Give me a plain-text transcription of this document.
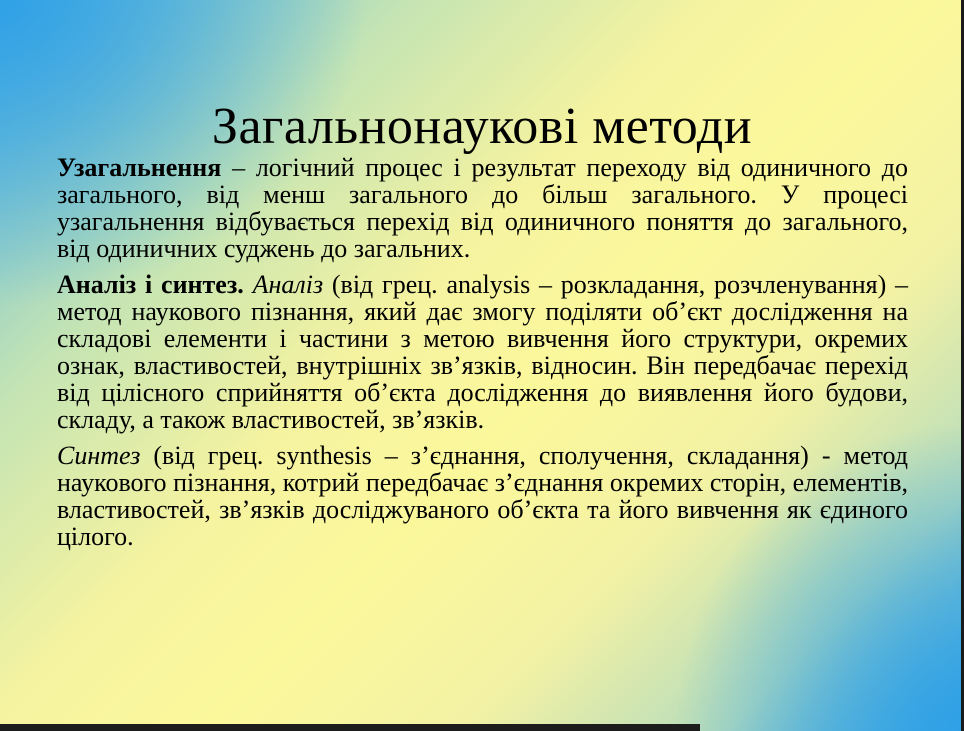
Загальнонаукові методи

Узагальнення – логічний процес і результат переходу від одиничного до загального, від менш загального до більш загального. У процесі узагальнення відбувається перехід від одиничного поняття до загального, від одиничних суджень до загальних.

Аналіз і синтез. Аналіз (від грец. analysis – розкладання, розчленування) – метод наукового пізнання, який дає змогу поділяти об’єкт дослідження на складові елементи і частини з метою вивчення його структури, окремих ознак, властивостей, внутрішніх зв’язків, відносин. Він передбачає перехід від цілісного сприйняття об’єкта дослідження до виявлення його будови, складу, а також властивостей, зв’язків.

Синтез (від грец. synthesis – з’єднання, сполучення, складання) - метод наукового пізнання, котрий передбачає з’єднання окремих сторін, елементів, властивостей, зв’язків досліджуваного об’єкта та його вивчення як єдиного цілого.
